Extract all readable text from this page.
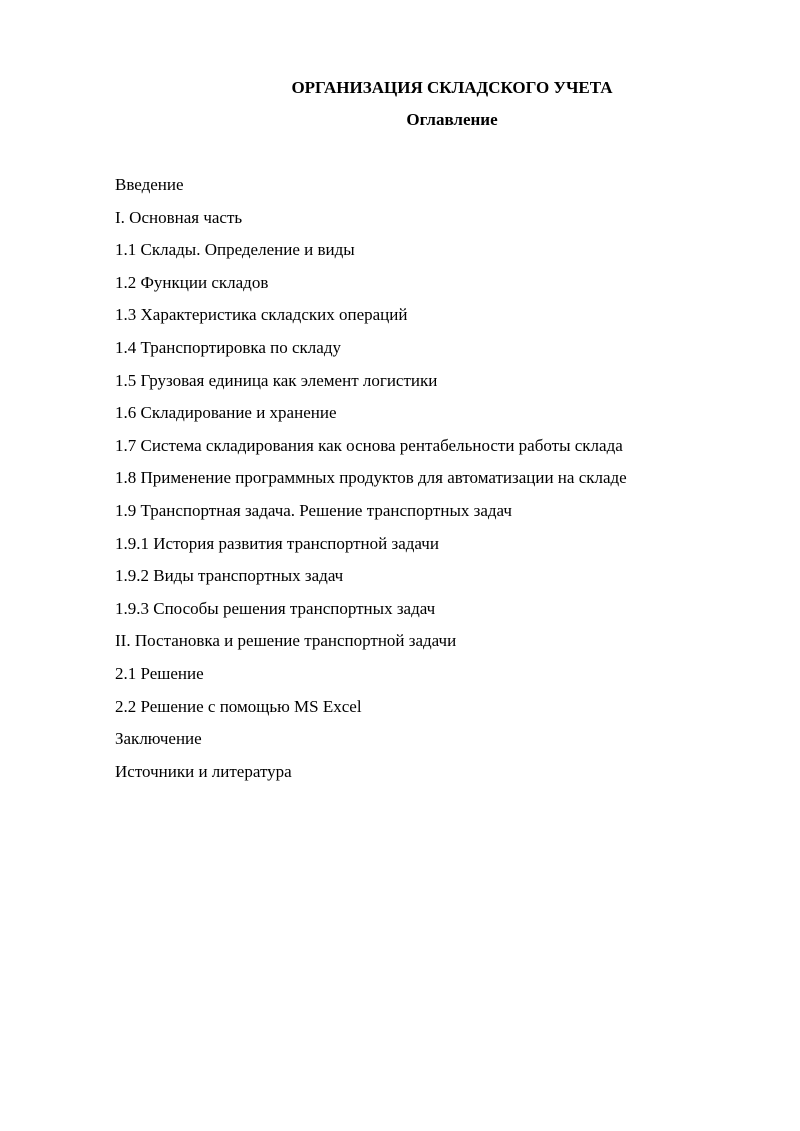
ОРГАНИЗАЦИЯ СКЛАДСКОГО УЧЕТА
Оглавление
Введение
I. Основная часть
1.1 Склады. Определение и виды
1.2 Функции складов
1.3 Характеристика складских операций
1.4 Транспортировка по складу
1.5 Грузовая единица как элемент логистики
1.6 Складирование и хранение
1.7 Система складирования как основа рентабельности работы склада
1.8 Применение программных продуктов для автоматизации на складе
1.9 Транспортная задача. Решение транспортных задач
1.9.1 История развития транспортной задачи
1.9.2 Виды транспортных задач
1.9.3 Способы решения транспортных задач
II. Постановка и решение транспортной задачи
2.1 Решение
2.2 Решение с помощью MS Excel
Заключение
Источники и литература
